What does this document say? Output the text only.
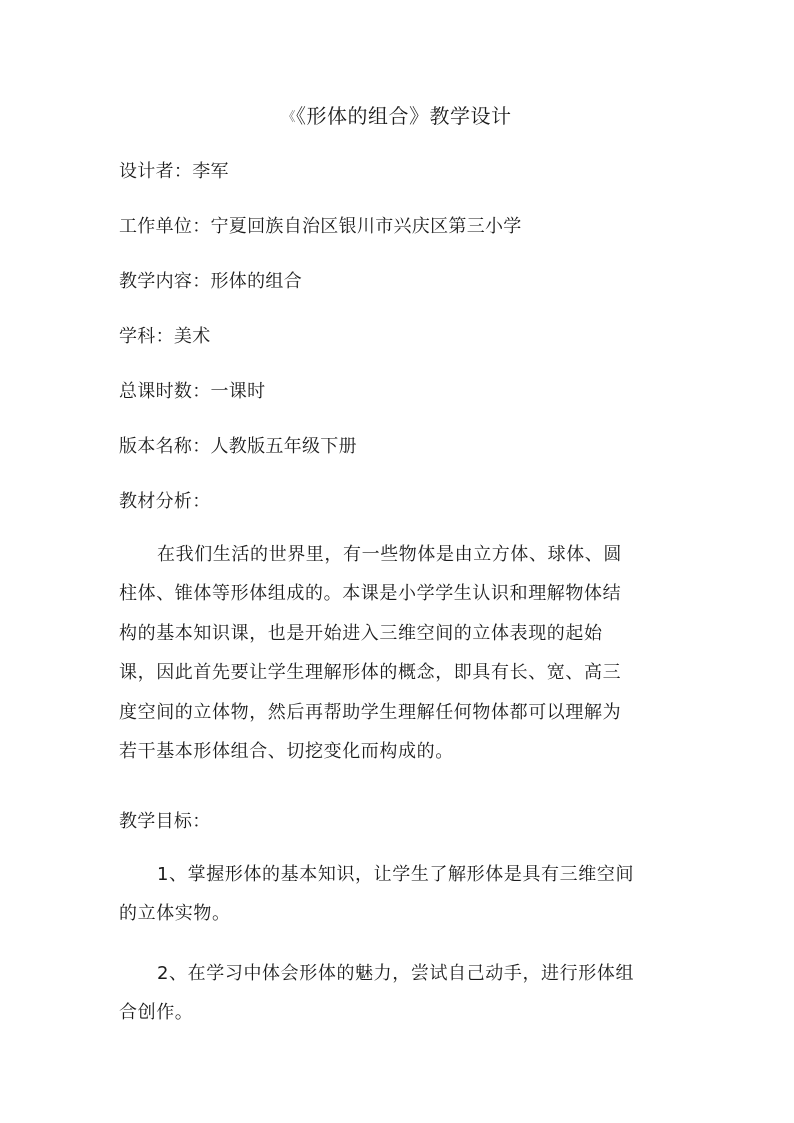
《《形体的组合》教学设计
设计者：李军
工作单位：宁夏回族自治区银川市兴庆区第三小学
教学内容：形体的组合
学科：美术
总课时数：一课时
版本名称：人教版五年级下册
教材分析：
在我们生活的世界里，有一些物体是由立方体、球体、圆
柱体、锥体等形体组成的。本课是小学学生认识和理解物体结
构的基本知识课，也是开始进入三维空间的立体表现的起始
课，因此首先要让学生理解形体的概念，即具有长、宽、高三
度空间的立体物，然后再帮助学生理解任何物体都可以理解为
若干基本形体组合、切挖变化而构成的。
教学目标：
1、掌握形体的基本知识，让学生了解形体是具有三维空间
的立体实物。
2、在学习中体会形体的魅力，尝试自己动手，进行形体组
合创作。
